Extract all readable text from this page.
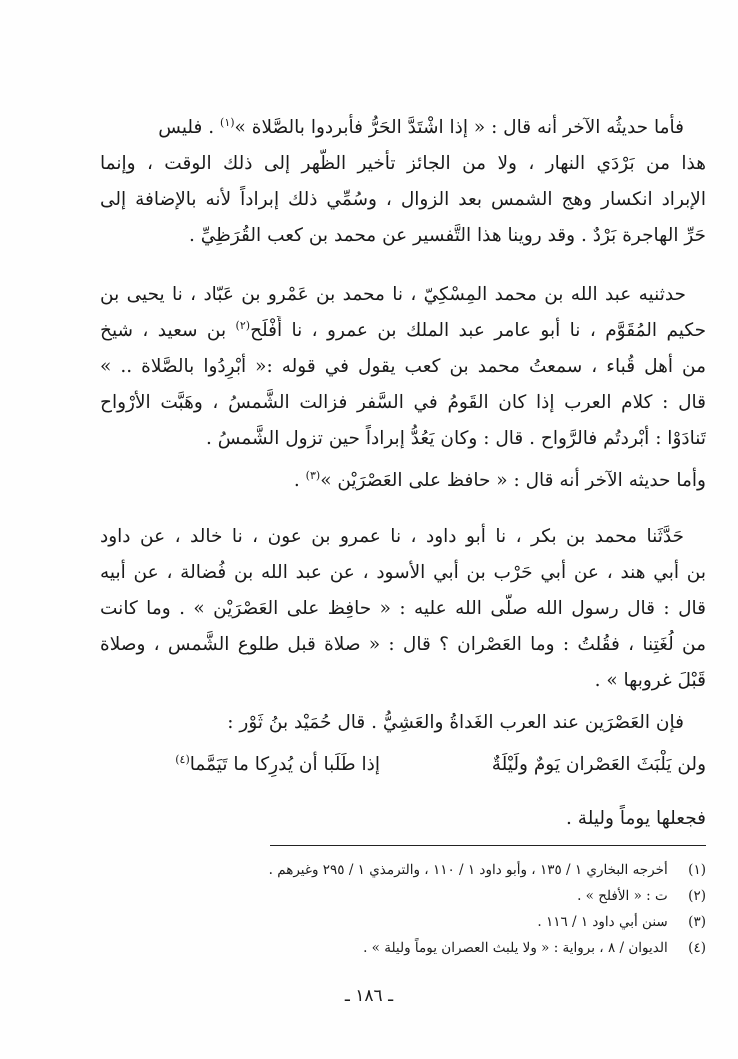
فأما حديثُه الآخر أنه قال : « إذا اشْتَدَّ الحَرُّ فأبردوا بالصَّلاة »$^{(١)}$ . فليس
هذا من بَرْدَي النهار ، ولا من الجائز تأخير الظُّهر إلى ذلك الوقت ، وإنما
الإبراد انكسار وهج الشمس بعد الزوال ، وسُمِّي ذلك إبراداً لأنه بالإضافة إلى
حَرِّ الهاجرة بَرْدٌ . وقد روينا هذا التَّفسير عن محمد بن كعب القُرَظِيِّ .
حدثنيه عبد الله بن محمد المِسْكِيّ ، نا محمد بن عَمْرو بن عَبّاد ، نا يحيى بن
حكيم المُقَوَّم ، نا أبو عامر عبد الملك بن عمرو ، نا أَفْلَح$^{(٢)}$ بن سعيد ، شيخ
من أهل قُباء ، سمعتُ محمد بن كعب يقول في قوله :« أبْرِدُوا بالصَّلاة .. »
قال : كلام العرب إذا كان القَومُ في السَّفر فزالت الشَّمسُ ، وهَبَّت الأرْواح
تَنادَوْا : أبْردتُم فالرَّواح . قال : وكان يَعُدُّ إبراداً حين تزول الشَّمسُ .
وأما حديثه الآخر أنه قال : « حافظ على العَصْرَيْن »$^{(٣)}$ .
حَدَّثَنا محمد بن بكر ، نا أبو داود ، نا عمرو بن عون ، نا خالد ، عن داود
بن أبي هند ، عن أبي حَرْب بن أبي الأسود ، عن عبد الله بن فُضالة ، عن أبيه
قال : قال رسول الله صلّى الله عليه : « حافِظ على العَصْرَيْن » . وما كانت
من لُغَتِنا ، فقُلتُ : وما العَصْران ؟ قال : « صلاة قبل طلوع الشَّمس ، وصلاة
قَبْلَ غروبها » .
فإن العَصْرَين عند العرب الغَداةُ والعَشِيُّ . قال حُمَيْد بنُ ثَوْر :
ولن يَلْبَثَ العَصْران يَومٌ ولَيْلَةٌ
إذا طَلَبا أن يُدرِكا ما تَيَمَّما$^{(٤)}$
فجعلها يوماً وليلة .
(١) أخرجه البخاري ١ / ١٣٥ ، وأبو داود ١ / ١١٠ ، والترمذي ١ / ٢٩٥ وغيرهم .
(٢) ت : « الأفلح » .
(٣) سنن أبي داود ١ / ١١٦ .
(٤) الديوان / ٨ ، برواية : « ولا يلبث العصران يوماً وليلة » .
ـ ١٨٦ ـ
